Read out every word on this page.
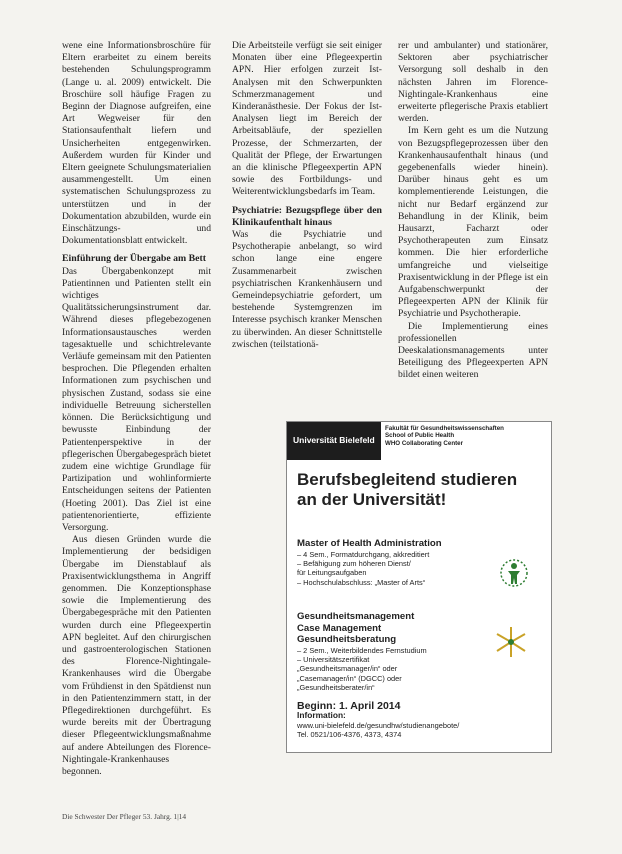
wene eine Informationsbroschüre für Eltern erarbeitet zu einem bereits bestehenden Schulungsprogramm (Lange u. al. 2009) entwickelt. Die Broschüre soll häufige Fragen zu Beginn der Diagnose aufgreifen, eine Art Wegweiser für den Stationsaufenthalt liefern und Unsicherheiten entgegenwirken. Außerdem wurden für Kinder und Eltern geeignete Schulungsmaterialien ausammengestellt. Um einen systematischen Schulungsprozess zu unterstützen und in der Dokumentation abzubilden, wurde ein Einschätzungs- und Dokumentationsblatt entwickelt.

Einführung der Übergabe am Bett

Das Übergabenkonzept mit Patientinnen und Patienten stellt ein wichtiges Qualitätssicherungsinstrument dar. Während dieses pflegebezogenen Informationsaustausches werden tagesaktuelle und schichtrelevante Verläufe gemeinsam mit den Patienten besprochen. Die Pflegenden erhalten Informationen zum psychischen und physischen Zustand, sodass sie eine individuelle Betreuung sicherstellen können. Die Berücksichtigung und bewusste Einbindung der Patientenperspektive in der pflegerischen Übergabegespräch bietet zudem eine wichtige Grundlage für Partizipation und wohlinformierte Entscheidungen seitens der Patienten (Hoeting 2001). Das Ziel ist eine patientenorientierte, effiziente Versorgung.

Aus diesen Gründen wurde die Implementierung der bedsidigen Übergabe im Dienstablauf als Praxisentwicklungsthema in Angriff genommen. Die Konzeptionsphase sowie die Implementierung des Übergabegespräche mit den Patienten wurden durch eine Pflegeexpertin APN begleitet. Auf den chirurgischen und gastroenterologischen Stationen des Florence-Nightingale-Krankenhauses wird die Übergabe vom Frühdienst in den Spätdienst nun in den Patientenzimmern statt, in der Pflegedirektionen durchgeführt. Es wurde bereits mit der Übertragung dieser Pflegeentwicklungsmaßnahme auf andere Abteilungen des Florence-Nightingale-Krankenhauses begonnen.

Die Arbeitsteile verfügt sie seit einiger Monaten über eine Pflegeexpertin APN. Hier erfolgen zurzeit Ist-Analysen mit den Schwerpunkten Schmerzmanagement und Kinderanästhesie. Der Fokus der Ist-Analysen liegt im Bereich der Arbeitsabläufe, der speziellen Prozesse, der Schmerzarten, der Qualität der Pflege, der Erwartungen an die klinische Pflegeexpertin APN sowie des Fortbildungs- und Weiterentwicklungsbedarfs im Team.

Psychiatrie: Bezugspflege über den Klinikaufenthalt hinaus

Was die Psychiatrie und Psychotherapie anbelangt, so wird schon lange eine engere Zusammenarbeit zwischen psychiatrischen Krankenhäusern und Gemeindepsychiatrie gefordert, um bestehende Systemgrenzen im Interesse psychisch kranker Menschen zu überwinden. An dieser Schnittstelle zwischen (teilstationä-

rer und ambulanter) und stationärer, Sektoren aber psychiatrischer Versorgung soll deshalb in den nächsten Jahren im Florence-Nightingale-Krankenhaus eine erweiterte pflegerische Praxis etabliert werden.

Im Kern geht es um die Nutzung von Bezugspflegeprozessen über den Krankenhausaufenthalt hinaus (und gegebenenfalls wieder hinein). Darüber hinaus geht es um komplementierende Leistungen, die nicht nur Bedarf ergänzend zur Behandlung in der Klinik, beim Hausarzt, Facharzt oder Psychotherapeuten zum Einsatz kommen. Die hier erforderliche umfangreiche und vielseitige Praxisentwicklung in der Pflege ist ein Aufgabenschwerpunkt der Pflegeexperten APN der Klinik für Psychiatrie und Psychotherapie.

Die Implementierung eines professionellen Deeskalationsmanagements unter Beteiligung des Pflegeexperten APN bildet einen weiteren

Universität Bielefeld
Fakultät für Gesundheitswissenschaften
School of Public Health
WHO Collaborating Center
Berufsbegleitend studieren
an der Universität!
Master of Health Administration
– 4 Sem., Formatdurchgang, akkreditiert
– Befähigung zum höheren Dienst/
für Leitungsaufgaben
– Hochschulabschluss: „Master of Arts“
Gesundheitsmanagement
Case Management
Gesundheitsberatung
– 2 Sem., Weiterbildendes Fernstudium
– Universitätszertifikat
„Gesundheitsmanager/in“ oder
„Casemanager/in“ (DGCC) oder
„Gesundheitsberater/in“
Beginn: 1. April 2014
Information:
www.uni-bielefeld.de/gesundhw/studienangebote/
Tel. 0521/106-4376, 4373, 4374
Die Schwester Der Pfleger 53. Jahrg. 1|14
